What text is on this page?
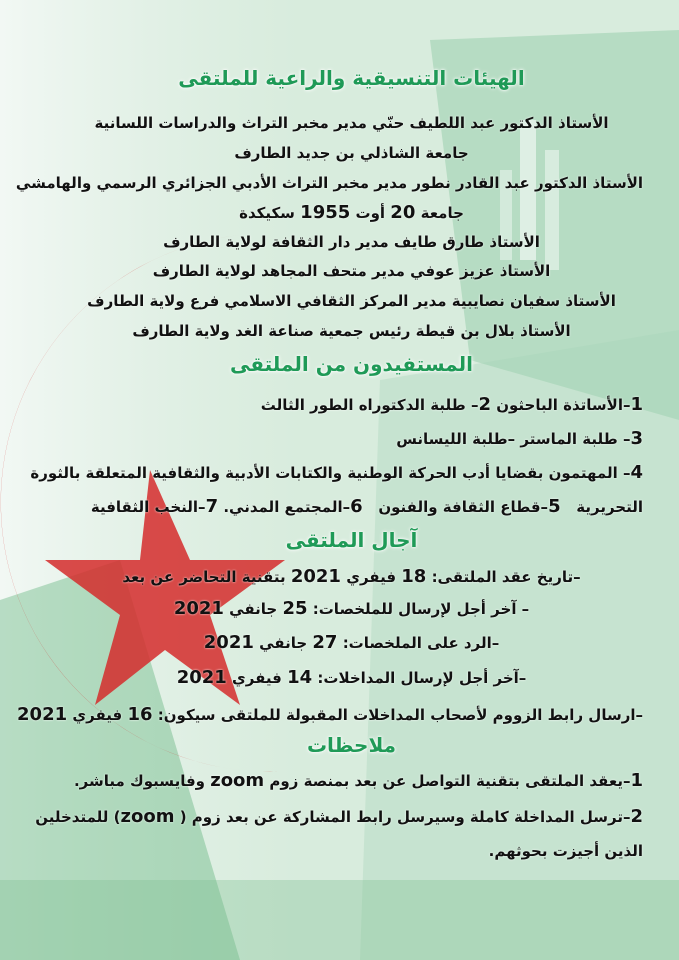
الهيئات التنسيقية والراعية للملتقى
الأستاذ الدكتور عبد اللطيف حنّي مدير مخبر التراث والدراسات اللسانية
جامعة الشاذلي بن جديد الطارف
الأستاذ الدكتور عبد القادر نطور مدير مخبر التراث الأدبي الجزائري الرسمي والهامشي
جامعة 20 أوت 1955 سكيكدة
الأستاذ طارق طايف مدير دار الثقافة لولاية الطارف
الأستاذ عزيز عوفي مدير متحف المجاهد لولاية الطارف
الأستاذ سفيان نصايبية مدير المركز الثقافي الاسلامي فرع ولاية الطارف
الأستاذ بلال بن قيطة رئيس جمعية صناعة الغد ولاية الطارف
المستفيدون من الملتقى
1–الأساتذة الباحثون 2– طلبة الدكتوراه الطور الثالث
3– طلبة الماستر –طلبة الليسانس
4– المهتمون بقضايا أدب الحركة الوطنية والكتابات الأدبية والثقافية المتعلقة بالثورة التحريرية   5–قطاع الثقافة والفنون   6–المجتمع المدني. 7–النخب الثقافية
آجال الملتقى
–تاريخ عقد الملتقى: 18 فيفري 2021 بتقنية التحاضر عن بعد
– آخر أجل لإرسال للملخصات: 25 جانفي 2021
–الرد على الملخصات: 27 جانفي 2021
–آخر أجل لإرسال المداخلات: 14 فيفري 2021
–ارسال رابط الزووم لأصحاب المداخلات المقبولة للملتقى سيكون: 16 فيفري 2021
ملاحظات
1–يعقد الملتقى بتقنية التواصل عن بعد بمنصة زوم zoom وفايسبوك مباشر.
2–ترسل المداخلة كاملة وسيرسل رابط المشاركة عن بعد زوم ( zoom) للمتدخلين الذين أجيزت بحوثهم.
